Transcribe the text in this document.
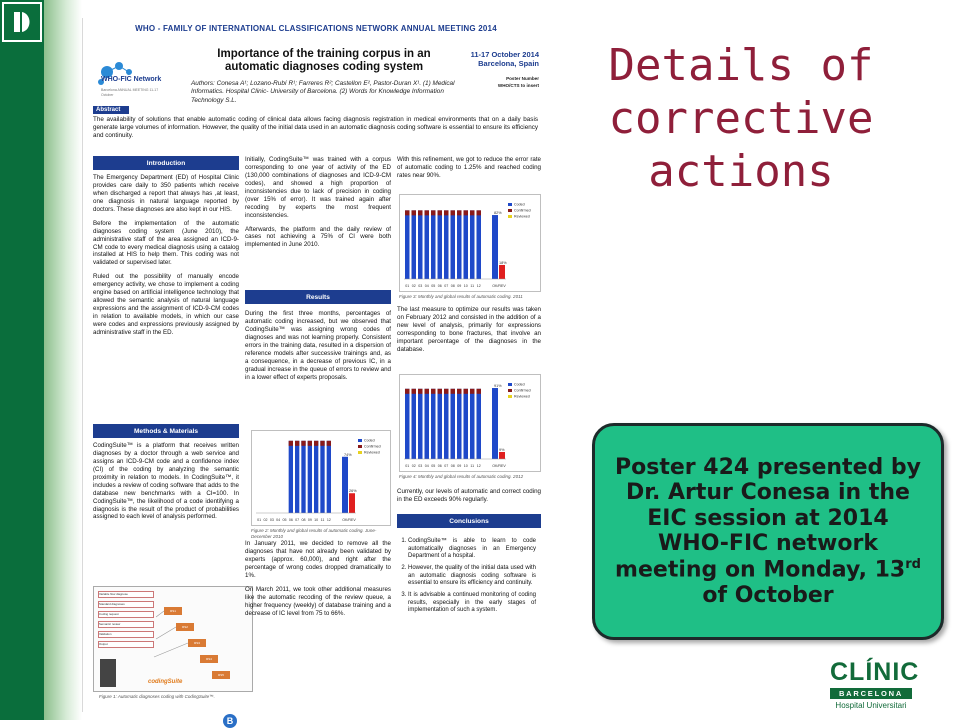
WHO - FAMILY OF INTERNATIONAL CLASSIFICATIONS NETWORK ANNUAL MEETING 2014
WHO-FIC Network
Barcelona ANNUAL MEETING 11-17 October
Importance of the training corpus in an automatic diagnoses coding system
11-17 October 2014 Barcelona, Spain
Poster Number
WHO/CTS to insert
Authors: Conesa A¹; Lozano-Rubí R¹; Farreres R²; Castellon E², Pastor-Duran X¹. (1) Medical Informatics. Hospital Clinic- University of Barcelona. (2) Words for Knowledge Information Technology S.L.
Abstract
The availability of solutions that enable automatic coding of clinical data allows facing diagnosis registration in medical environments that on a daily basis generate large volumes of information. However, the quality of the initial data used in an automatic diagnosis coding software is essential to ensure its efficiency and continuity.
Introduction

The Emergency Department (ED) of Hospital Clinic provides care daily to 350 patients which receive when discharged a report that always has ,at least, one diagnosis in natural language reported by doctors. These diagnoses are also kept in our HIS.

Before the implementation of the automatic diagnoses coding system (June 2010), the administrative staff of the area assigned an ICD-9-CM code to every medical diagnosis using a catalog installed at HIS to help them. This coding was not validated or supervised later.

Ruled out the possibility of manually encode emergency activity, we chose to implement a coding engine based on artificial intelligence technology that allowed the semantic analysis of natural language expressions and the assignment of ICD-9-CM codes in relation to available models, in which our case were codes and expressions previously assigned by administrative staff in the ED.

Methods & Materials
CodingSuite™ is a platform that receives written diagnoses by a doctor through a web service and assigns an ICD-9-CM code and a confidence index (CI) of the coding by analyzing the semantic proximity in relation to models. In CodingSuite™, it includes a review of coding software that adds to the database new benchmarks with a CI=100. In CodingSuite™, the likelihood of a code identifying a diagnosis is the result of the product of probabilities assigned to each level of analysis performed.
Variable flow diagnose
Standard diagnoses
Coding request
Semantic review
Validation
Output
RS1
RS2
RS3
RS4
RS5
codingSuite
Figure 1: Automatic diagnoses coding with CodingSuite™.

Initially, CodingSuite™ was trained with a corpus corresponding to one year of activity of the ED (130,000 combinations of diagnoses and ICD-9-CM codes), and showed a high proportion of inconsistencies due to lack of precision in coding (over 15% of error). It was trained again after recoding by experts the most frequent inconsistencies.

Afterwards, the platform and the daily review of cases not achieving a 75% of CI were both implemented in June 2010.

Results
During the first three months, percentages of automatic coding increased, but we observed that CodingSuite™ was assigning wrong codes of diagnoses and was not learning properly. Consistent errors in the training data, resulted in a dispersion of reference models after successive trainings and, as a consequence, in a decrease of previous IC, in a gradual increase in the queue of errors to review and in a lower effect of experts proposals.
01 02 03 04 05 06 07 08 09 10 11 12
74%
26%
OK/REV
Coded
Confirmed
Reviewed
Figure 2: Monthly and global results of automatic coding. June-December 2010

In January 2011, we decided to remove all the diagnoses that have not already been validated by experts (approx. 60,000), and right after the percentage of wrong codes dropped dramatically to 1%.

On March 2011, we took other additional measures like the automatic recoding of the review queue, a higher frequency (weekly) of database training and a decrease of IC level from 75 to 66%.

With this refinement, we got to reduce the error rate of automatic coding to 1.25% and reached coding rates near 90%.
01 02 03 04 05 06 07 08 09 10 11 12
82%
18%
OK/REV
Coded
Confirmed
Reviewed
Figure 3: Monthly and global results of automatic coding. 2011
The last measure to optimize our results was taken on February 2012 and consisted in the addition of a new level of analysis, primarily for expressions corresponding to bone fractures, that involve an important percentage of the diagnoses in the database.
01 02 03 04 05 06 07 08 09 10 11 12
91%
9%
OK/REV
Coded
Confirmed
Reviewed
Figure 4: Monthly and global results of automatic coding. 2012
Currently, our levels of automatic and correct coding in the ED exceeds 90% regularly.
Conclusions
B
1. CodingSuite™ is able to learn to code automatically diagnoses in an Emergency Department of a hospital.
2. However, the quality of the initial data used with an automatic diagnosis coding software is essential to ensure its efficiency and continuity.
3. It is advisable a continued monitoring of coding results, especially in the early stages of implementation of such a system.
Details of
corrective
actions
Poster 424 presented by Dr. Artur Conesa in the EIC session at 2014 WHO-FIC network meeting on Monday, 13rd of October
CLÍNIC
BARCELONA
Hospital Universitari
